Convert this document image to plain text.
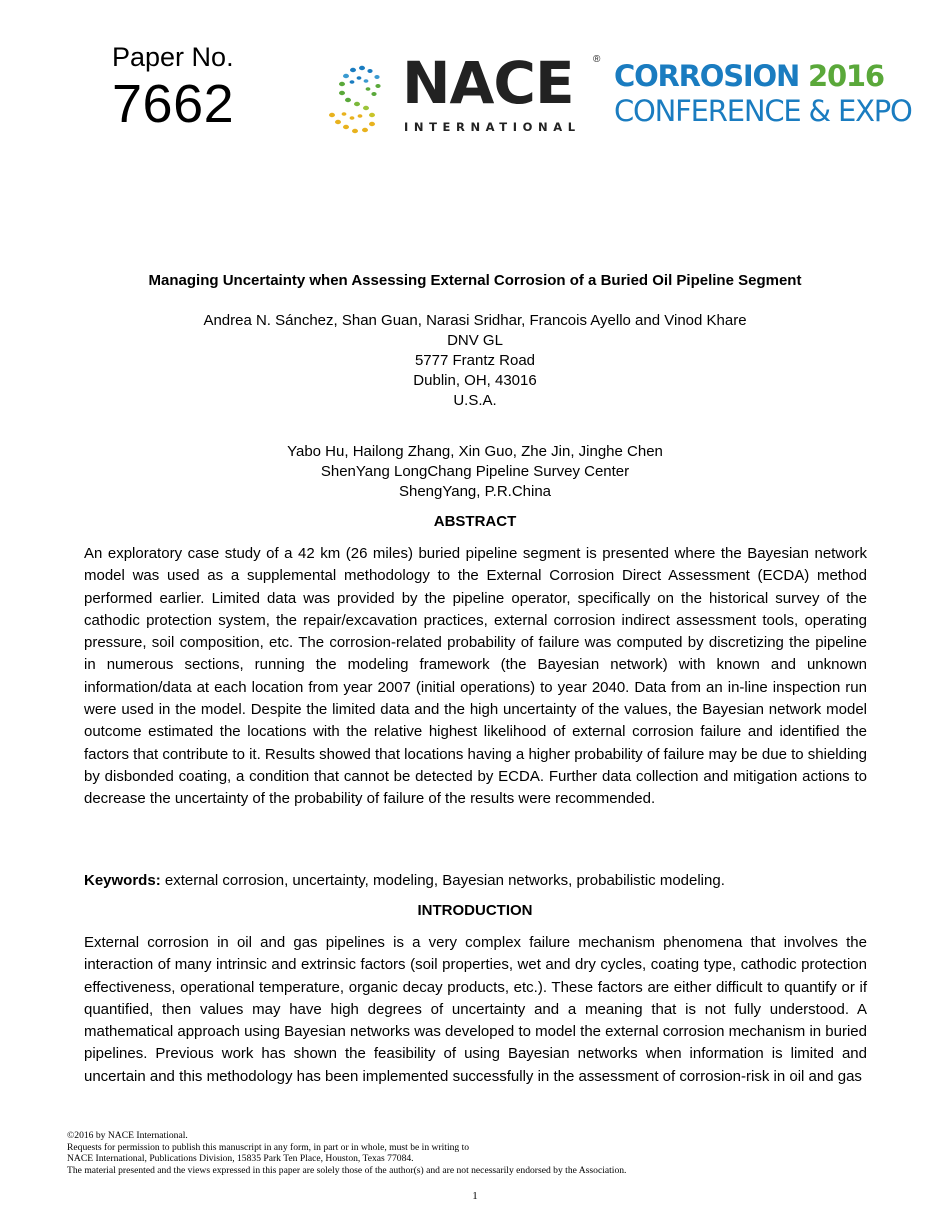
Paper No.
7662	NACE ®
INTERNATIONAL
CORROSION 2016
CONFERENCE & EXPO
Managing Uncertainty when Assessing External Corrosion of a Buried Oil Pipeline Segment
Andrea N. Sánchez, Shan Guan, Narasi Sridhar, Francois Ayello and Vinod Khare
DNV GL
5777 Frantz Road
Dublin, OH, 43016
U.S.A.
Yabo Hu, Hailong Zhang, Xin Guo, Zhe Jin, Jinghe Chen
ShenYang LongChang Pipeline Survey Center
ShengYang, P.R.China
ABSTRACT
An exploratory case study of a 42 km (26 miles) buried pipeline segment is presented where the Bayesian network model was used as a supplemental methodology to the External Corrosion Direct Assessment (ECDA) method performed earlier. Limited data was provided by the pipeline operator, specifically on the historical survey of the cathodic protection system, the repair/excavation practices, external corrosion indirect assessment tools, operating pressure, soil composition, etc. The corrosion-related probability of failure was computed by discretizing the pipeline in numerous sections, running the modeling framework (the Bayesian network) with known and unknown information/data at each location from year 2007 (initial operations) to year 2040. Data from an in-line inspection run were used in the model. Despite the limited data and the high uncertainty of the values, the Bayesian network model outcome estimated the locations with the relative highest likelihood of external corrosion failure and identified the factors that contribute to it. Results showed that locations having a higher probability of failure may be due to shielding by disbonded coating, a condition that cannot be detected by ECDA. Further data collection and mitigation actions to decrease the uncertainty of the probability of failure of the results were recommended.
Keywords: external corrosion, uncertainty, modeling, Bayesian networks, probabilistic modeling.
INTRODUCTION
External corrosion in oil and gas pipelines is a very complex failure mechanism phenomena that involves the interaction of many intrinsic and extrinsic factors (soil properties, wet and dry cycles, coating type, cathodic protection effectiveness, operational temperature, organic decay products, etc.). These factors are either difficult to quantify or if quantified, then values may have high degrees of uncertainty and a meaning that is not fully understood. A mathematical approach using Bayesian networks was developed to model the external corrosion mechanism in buried pipelines. Previous work has shown the feasibility of using Bayesian networks when information is limited and uncertain and this methodology has been implemented successfully in the assessment of corrosion-risk in oil and gas
©2016 by NACE International.
Requests for permission to publish this manuscript in any form, in part or in whole, must be in writing to
NACE International, Publications Division, 15835 Park Ten Place, Houston, Texas 77084.
The material presented and the views expressed in this paper are solely those of the author(s) and are not necessarily endorsed by the Association.
1
